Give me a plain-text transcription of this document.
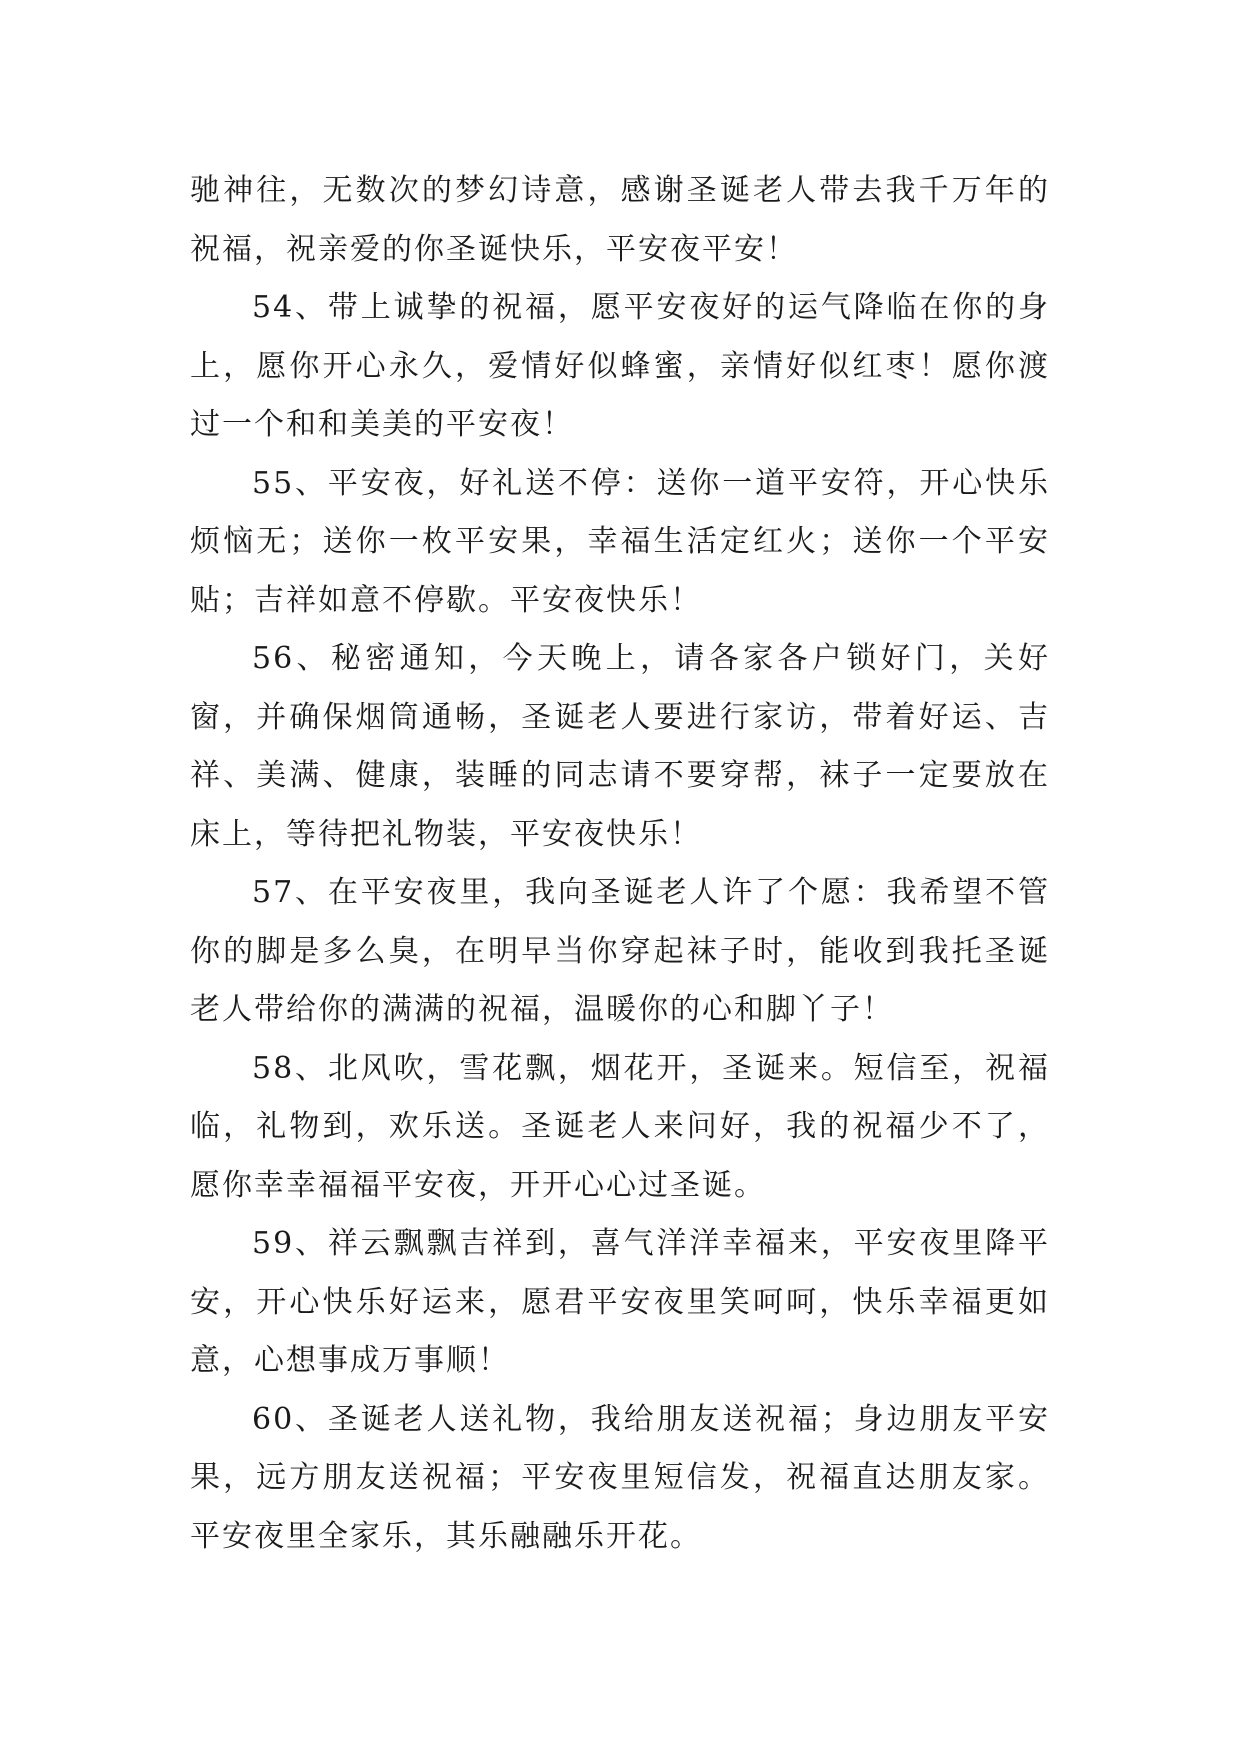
驰神往，无数次的梦幻诗意，感谢圣诞老人带去我千万年的祝福，祝亲爱的你圣诞快乐，平安夜平安！

54、带上诚挚的祝福，愿平安夜好的运气降临在你的身上，愿你开心永久，爱情好似蜂蜜，亲情好似红枣！愿你渡过一个和和美美的平安夜！

55、平安夜，好礼送不停：送你一道平安符，开心快乐烦恼无；送你一枚平安果，幸福生活定红火；送你一个平安贴；吉祥如意不停歇。平安夜快乐！

56、秘密通知，今天晚上，请各家各户锁好门，关好窗，并确保烟筒通畅，圣诞老人要进行家访，带着好运、吉祥、美满、健康，装睡的同志请不要穿帮，袜子一定要放在床上，等待把礼物装，平安夜快乐！

57、在平安夜里，我向圣诞老人许了个愿：我希望不管你的脚是多么臭，在明早当你穿起袜子时，能收到我托圣诞老人带给你的满满的祝福，温暖你的心和脚丫子！

58、北风吹，雪花飘，烟花开，圣诞来。短信至，祝福临，礼物到，欢乐送。圣诞老人来问好，我的祝福少不了，愿你幸幸福福平安夜，开开心心过圣诞。

59、祥云飘飘吉祥到，喜气洋洋幸福来，平安夜里降平安，开心快乐好运来，愿君平安夜里笑呵呵，快乐幸福更如意，心想事成万事顺！

60、圣诞老人送礼物，我给朋友送祝福；身边朋友平安果，远方朋友送祝福；平安夜里短信发，祝福直达朋友家。平安夜里全家乐，其乐融融乐开花。
